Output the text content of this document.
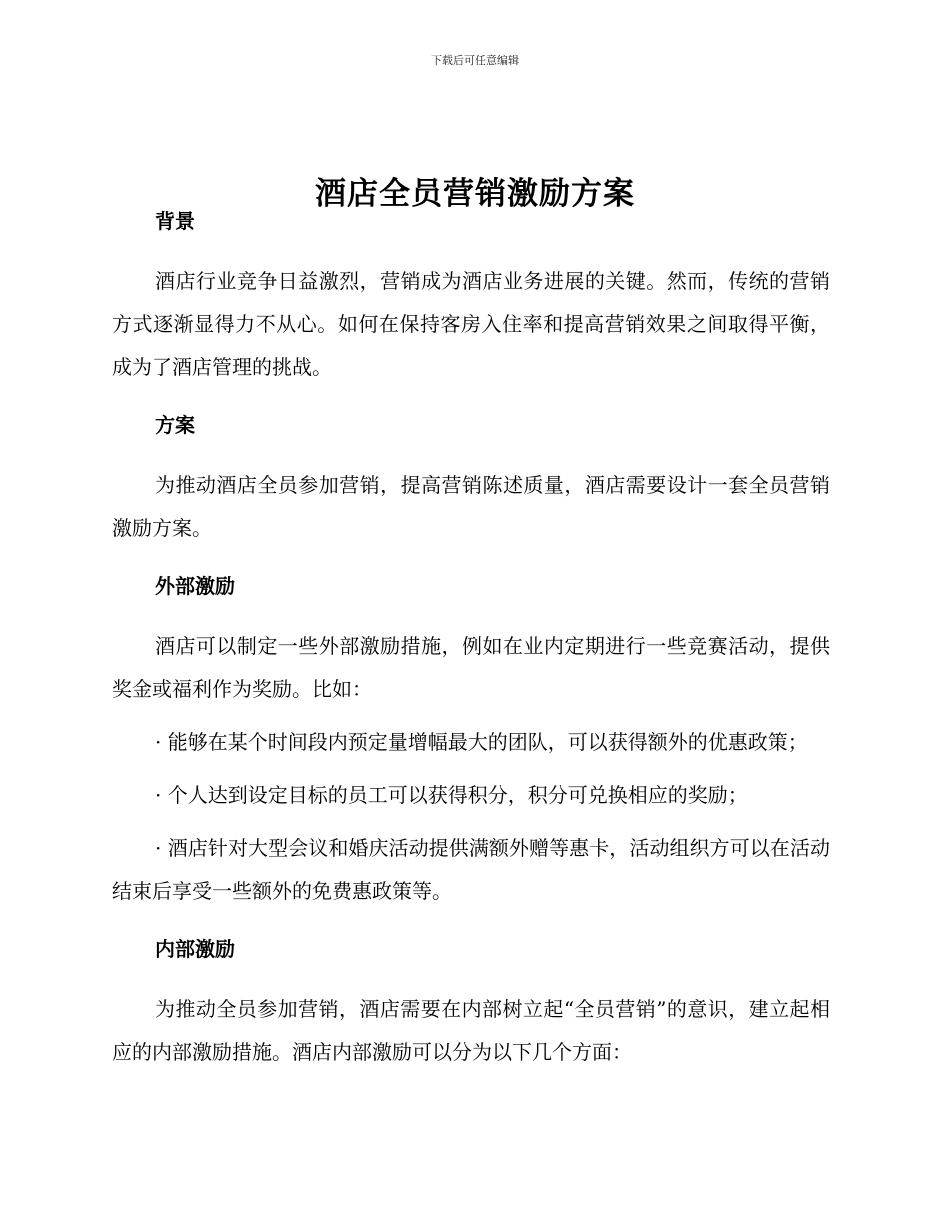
下载后可任意编辑
酒店全员营销激励方案
背景

酒店行业竞争日益激烈，营销成为酒店业务进展的关键。然而，传统的营销方式逐渐显得力不从心。如何在保持客房入住率和提高营销效果之间取得平衡，成为了酒店管理的挑战。

方案

为推动酒店全员参加营销，提高营销陈述质量，酒店需要设计一套全员营销激励方案。

外部激励

酒店可以制定一些外部激励措施，例如在业内定期进行一些竞赛活动，提供奖金或福利作为奖励。比如：

· 能够在某个时间段内预定量增幅最大的团队，可以获得额外的优惠政策；

· 个人达到设定目标的员工可以获得积分，积分可兑换相应的奖励；

· 酒店针对大型会议和婚庆活动提供满额外赠等惠卡，活动组织方可以在活动结束后享受一些额外的免费惠政策等。

内部激励

为推动全员参加营销，酒店需要在内部树立起“全员营销”的意识，建立起相应的内部激励措施。酒店内部激励可以分为以下几个方面：
